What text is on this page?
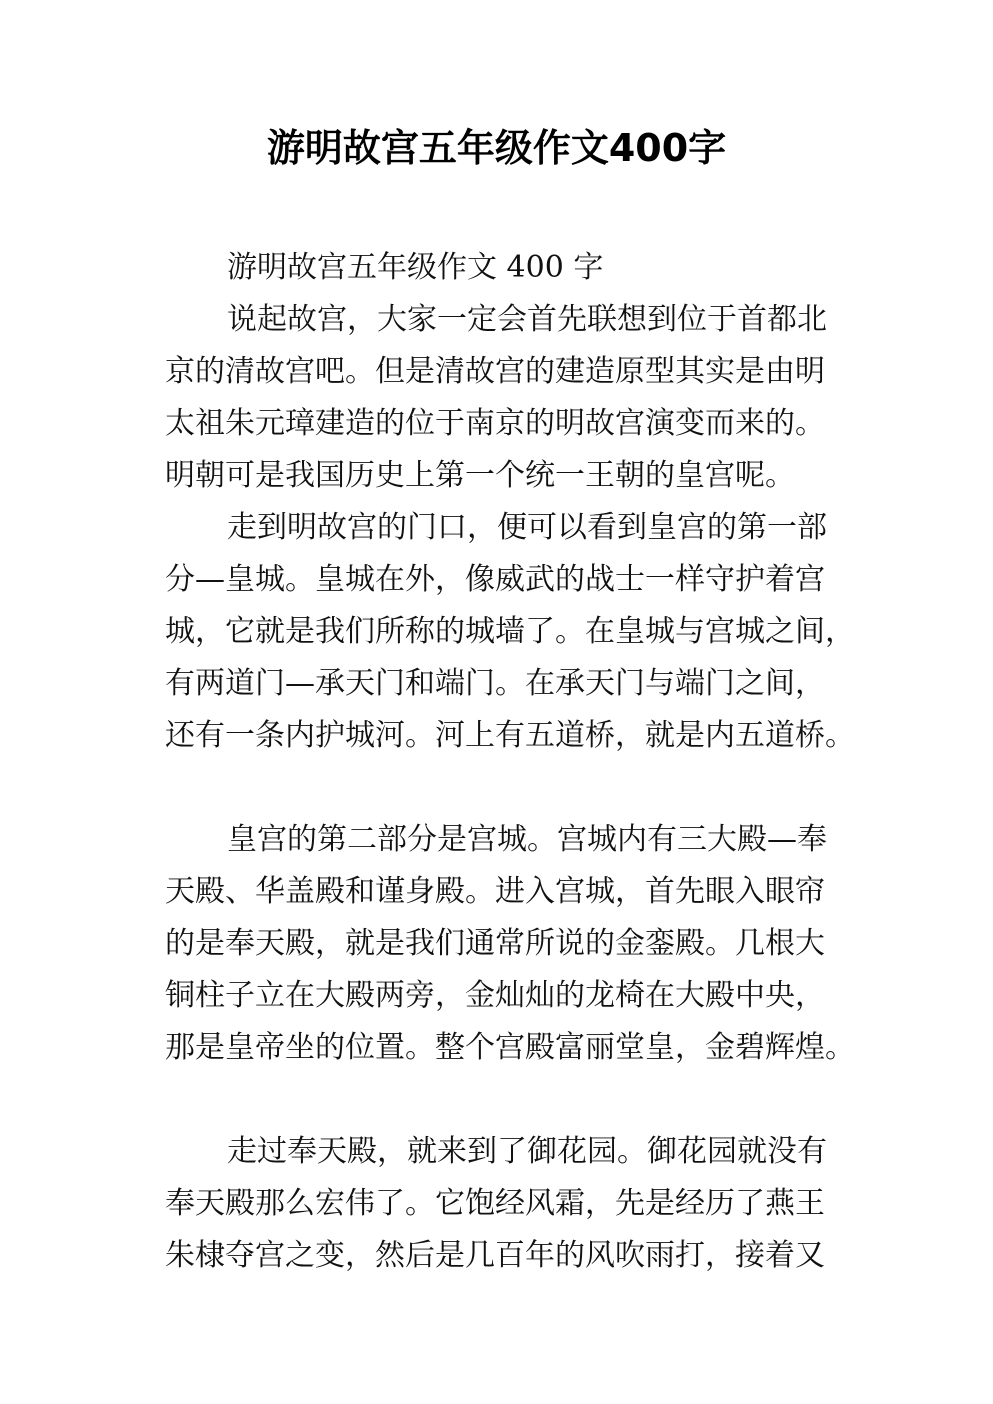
游明故宫五年级作文400字
游明故宫五年级作文 400 字
说起故宫，大家一定会首先联想到位于首都北
京的清故宫吧。但是清故宫的建造原型其实是由明
太祖朱元璋建造的位于南京的明故宫演变而来的。
明朝可是我国历史上第一个统一王朝的皇宫呢。
走到明故宫的门口，便可以看到皇宫的第一部
分—皇城。皇城在外，像威武的战士一样守护着宫
城，它就是我们所称的城墙了。在皇城与宫城之间，
有两道门—承天门和端门。在承天门与端门之间，
还有一条内护城河。河上有五道桥，就是内五道桥。
皇宫的第二部分是宫城。宫城内有三大殿—奉
天殿、华盖殿和谨身殿。进入宫城，首先眼入眼帘
的是奉天殿，就是我们通常所说的金銮殿。几根大
铜柱子立在大殿两旁，金灿灿的龙椅在大殿中央，
那是皇帝坐的位置。整个宫殿富丽堂皇，金碧辉煌。
走过奉天殿，就来到了御花园。御花园就没有
奉天殿那么宏伟了。它饱经风霜，先是经历了燕王
朱棣夺宫之变，然后是几百年的风吹雨打，接着又
